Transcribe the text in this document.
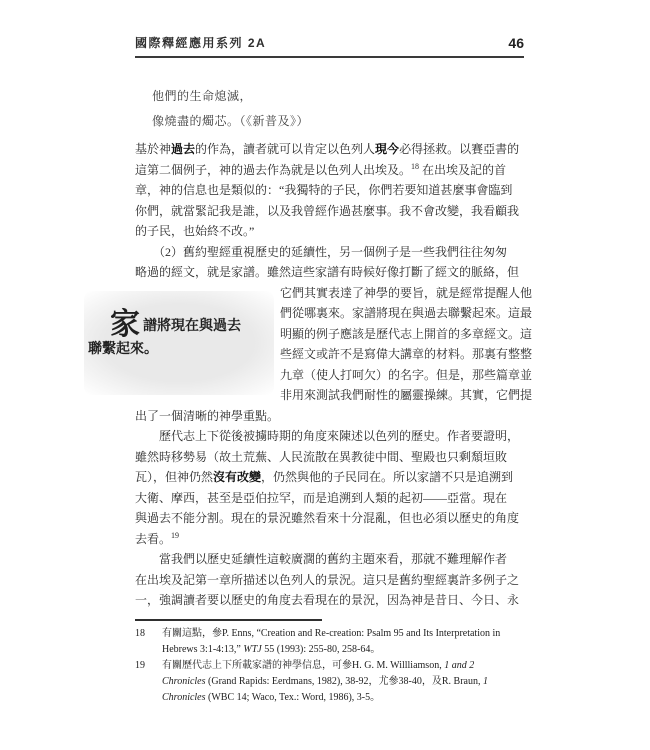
國際釋經應用系列 2A	46
他們的生命熄滅，
像燒盡的燭芯。（《新普及》）
基於神過去的作為，讀者就可以肯定以色列人現今必得拯救。以賽亞書的
這第二個例子，神的過去作為就是以色列人出埃及。$^{18}$ 在出埃及記的首
章，神的信息也是類似的：“我獨特的子民，你們若要知道甚麼事會臨到
你們，就當緊記我是誰，以及我曾經作過甚麼事。我不會改變，我看顧我
的子民，也始終不改。”
　　（2）舊約聖經重視歷史的延續性，另一個例子是一些我們往往匆匆
略過的經文，就是家譜。雖然這些家譜有時候好像打斷了經文的脈絡，但
家譜將現在與過去
聯繫起來。
它們其實表達了神學的要旨，就是經常提醒人他
們從哪裏來。家譜將現在與過去聯繫起來。這最
明顯的例子應該是歷代志上開首的多章經文。這
些經文或許不是寫偉大講章的材料。那裏有整整
九章（使人打呵欠）的名字。但是，那些篇章並
非用來測試我們耐性的屬靈操練。其實，它們提
出了一個清晰的神學重點。
　　歷代志上下從後被擄時期的角度來陳述以色列的歷史。作者要證明，
雖然時移勢易（故土荒蕪、人民流散在異教徒中間、聖殿也只剩頹垣敗
瓦），但神仍然沒有改變，仍然與他的子民同在。所以家譜不只是追溯到
大衛、摩西，甚至是亞伯拉罕，而是追溯到人類的起初——亞當。現在
與過去不能分割。現在的景況雖然看來十分混亂，但也必須以歷史的角度
去看。$^{19}$
　　當我們以歷史延續性這較廣濶的舊約主題來看，那就不難理解作者
在出埃及記第一章所描述以色列人的景況。這只是舊約聖經裏許多例子之
一，強調讀者要以歷史的角度去看現在的景況，因為神是昔日、今日、永
18	有關這點，參P. Enns, “Creation and Re-creation: Psalm 95 and Its Interpretation in
Hebrews 3:1-4:13,” WTJ 55 (1993): 255-80, 258-64。
19	有關歷代志上下所載家譜的神學信息，可參H. G. M. Willliamson, 1 and 2
Chronicles (Grand Rapids: Eerdmans, 1982), 38-92，尤參38-40，及R. Braun, 1
Chronicles (WBC 14; Waco, Tex.: Word, 1986), 3-5。
